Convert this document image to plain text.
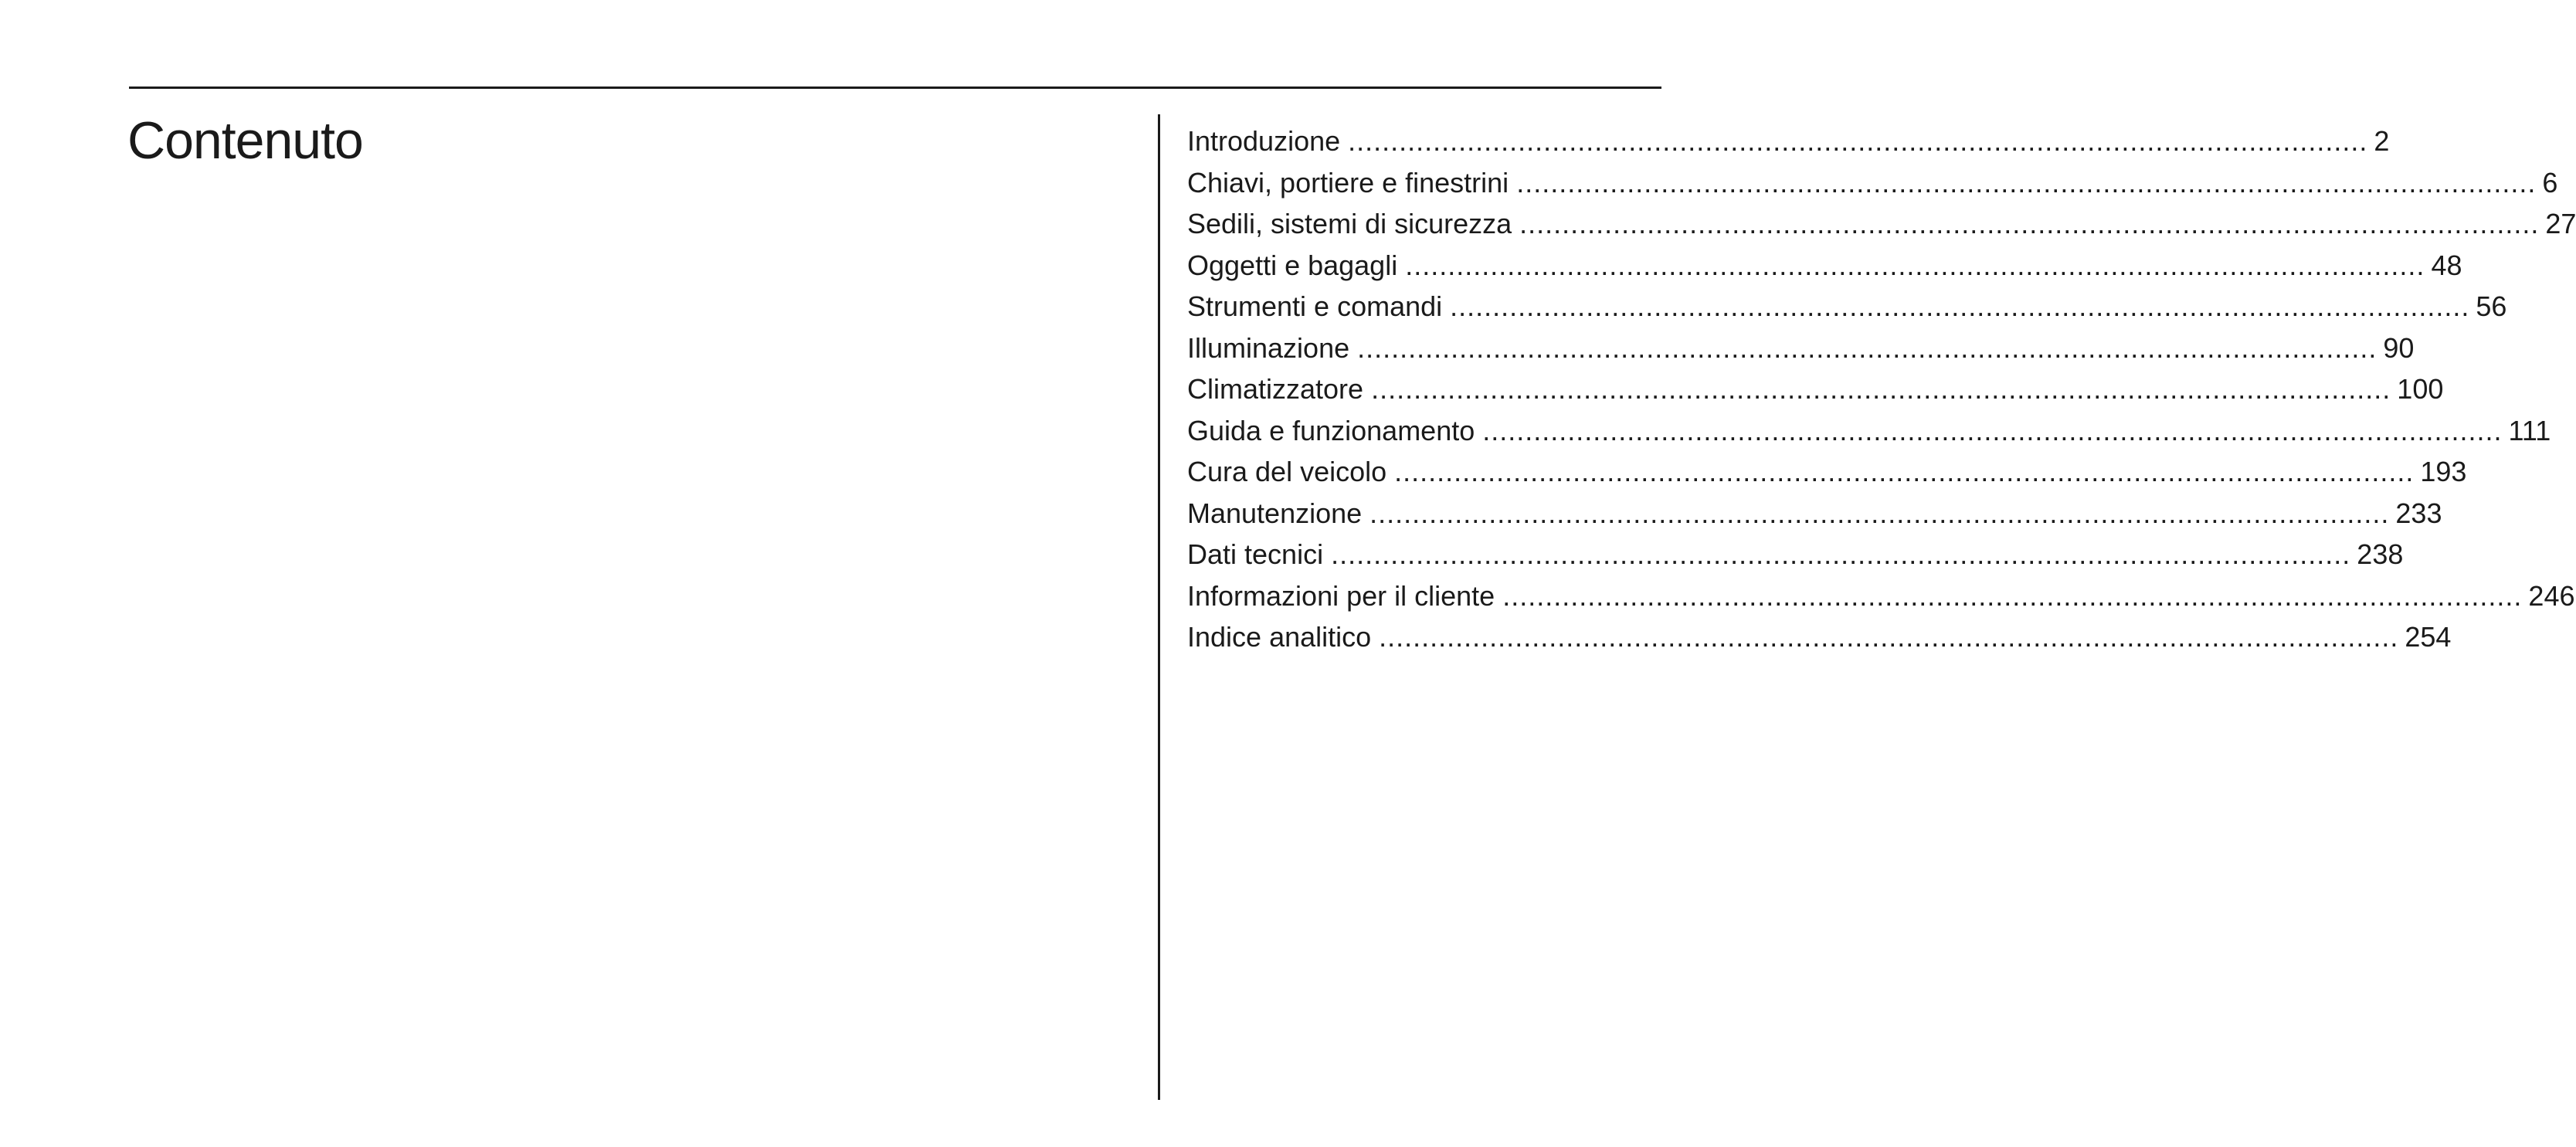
Contenuto	Introduzione ........................................................................................................................ 2
Chiavi, portiere e finestrini ........................................................................................................................ 6
Sedili, sistemi di sicurezza ........................................................................................................................ 27
Oggetti e bagagli ........................................................................................................................ 48
Strumenti e comandi ........................................................................................................................ 56
Illuminazione ........................................................................................................................ 90
Climatizzatore ........................................................................................................................ 100
Guida e funzionamento ........................................................................................................................ 111
Cura del veicolo ........................................................................................................................ 193
Manutenzione ........................................................................................................................ 233
Dati tecnici ........................................................................................................................ 238
Informazioni per il cliente ........................................................................................................................ 246
Indice analitico ........................................................................................................................ 254
